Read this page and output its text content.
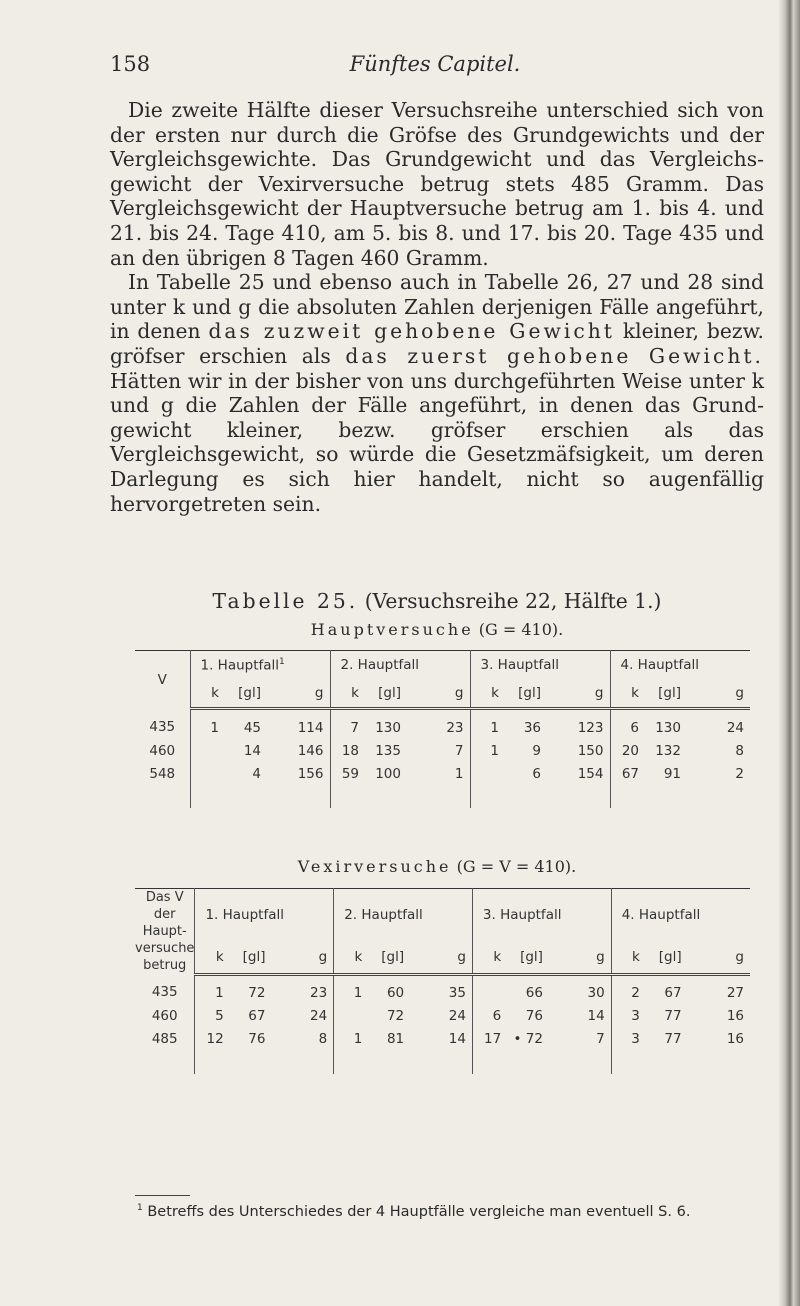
158	Fünftes Capitel.

Die zweite Hälfte dieser Versuchsreihe unterschied sich von der ersten nur durch die Gröfse des Grundgewichts und der Vergleichsgewichte. Das Grundgewicht und das Vergleichsgewicht der Vexirversuche betrug stets 485 Gramm. Das Vergleichsgewicht der Hauptversuche betrug am 1. bis 4. und 21. bis 24. Tage 410, am 5. bis 8. und 17. bis 20. Tage 435 und an den übrigen 8 Tagen 460 Gramm.

In Tabelle 25 und ebenso auch in Tabelle 26, 27 und 28 sind unter k und g die absoluten Zahlen derjenigen Fälle angeführt, in denen das zuzweit gehobene Gewicht kleiner, bezw. gröfser erschien als das zuerst gehobene Gewicht. Hätten wir in der bisher von uns durchgeführten Weise unter k und g die Zahlen der Fälle angeführt, in denen das Grundgewicht kleiner, bezw. gröfser erschien als das Vergleichsgewicht, so würde die Gesetzmäfsigkeit, um deren Darlegung es sich hier handelt, nicht so augenfällig hervorgetreten sein.

Tabelle 25. (Versuchsreihe 22, Hälfte 1.)
Hauptversuche (G = 410).
V	1. Hauptfall$^1$			2. Hauptfall			3. Hauptfall			4. Hauptfall		
	k	[gl]	g	k	[gl]	g	k	[gl]	g	k	[gl]	g
435	1	45	114	7	130	23	1	36	123	6	130	24
460		14	146	18	135	7	1	9	150	20	132	8
548		4	156	59	100	1		6	154	67	91	2

Vexirversuche (G = V = 410).
Das V der
Haupt-
versuche
betrug	1. Hauptfall			2. Hauptfall			3. Hauptfall			4. Hauptfall		
	k	[gl]	g	k	[gl]	g	k	[gl]	g	k	[gl]	g
435	1	72	23	1	60	35		66	30	2	67	27
460	5	67	24		72	24	6	76	14	3	77	16
485	12	76	8	1	81	14	17	• 72	7	3	77	16

$^1$ Betreffs des Unterschiedes der 4 Hauptfälle vergleiche man eventuell S. 6.
